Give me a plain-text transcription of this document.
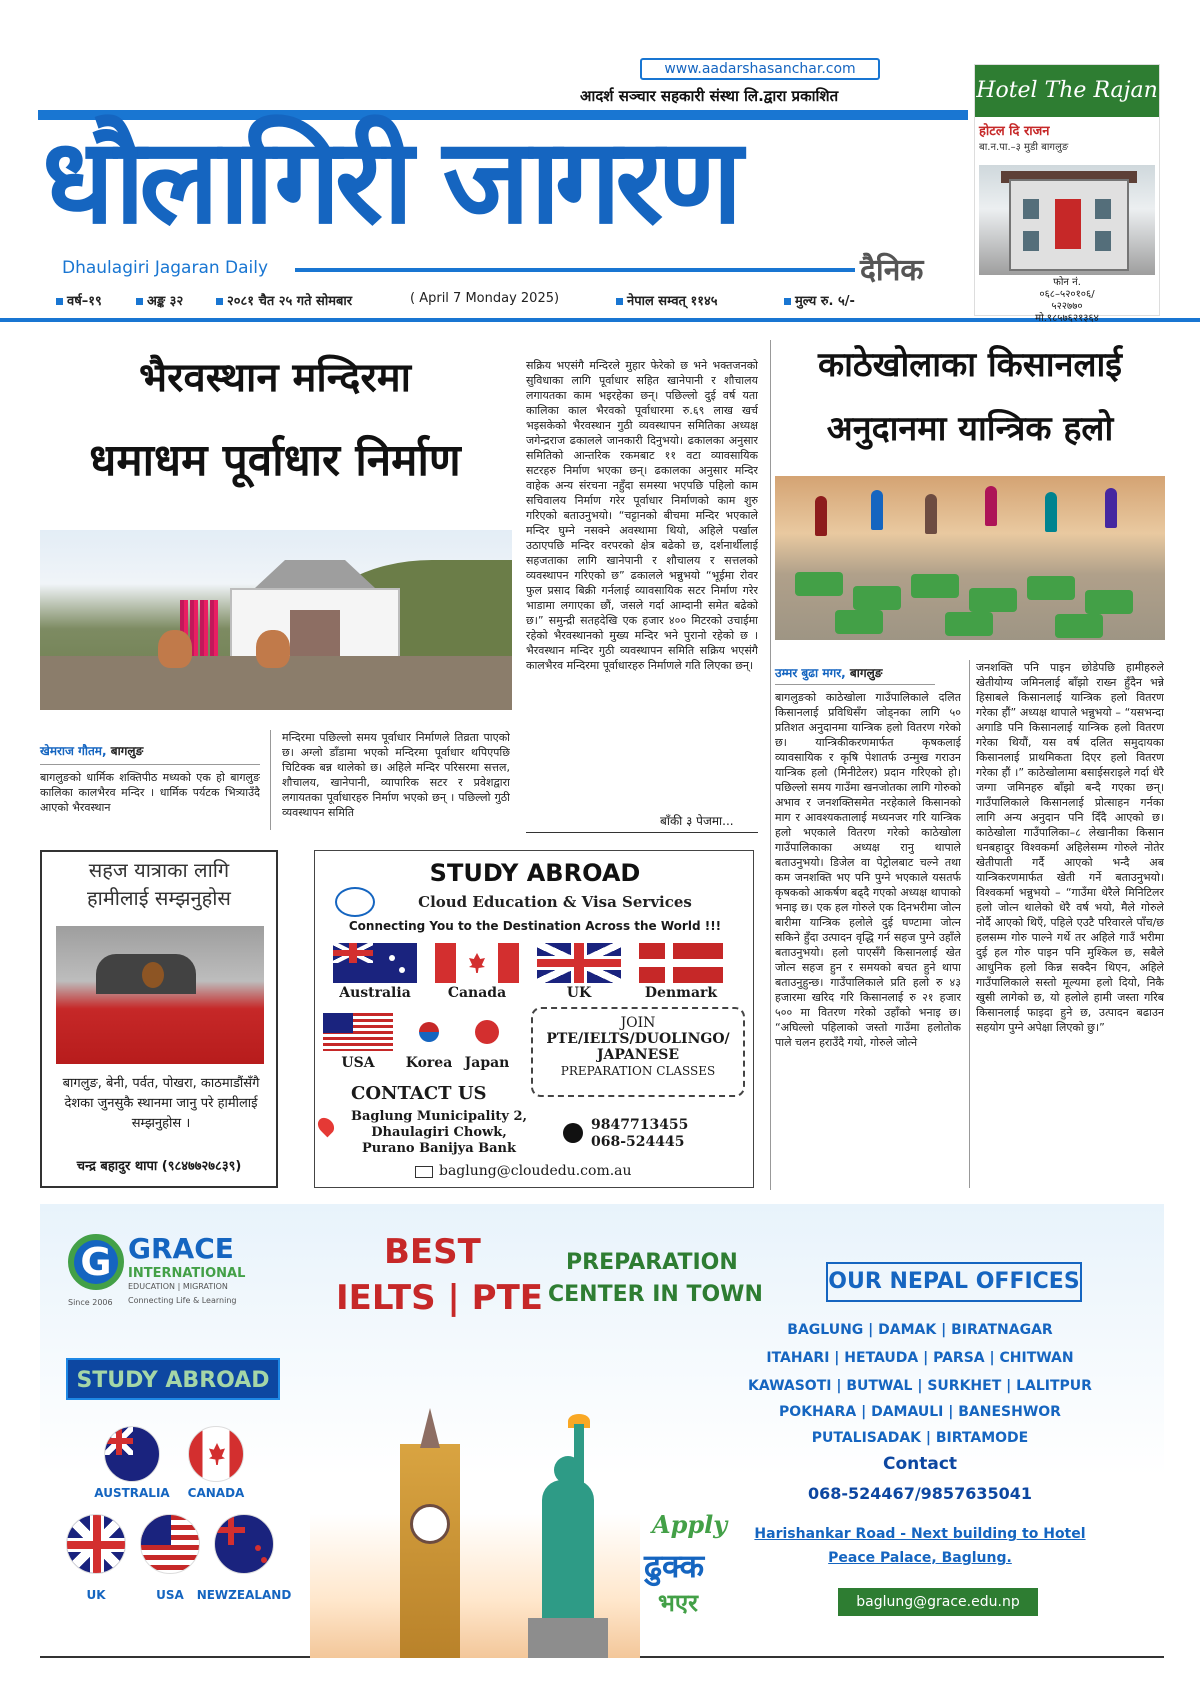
www.aadarshasanchar.com
आदर्श सञ्चार सहकारी संस्था लि.द्वारा प्रकाशित
धौलागिरी जागरण
Dhaulagiri Jagaran Daily	दैनिक
वर्ष–१९	अङ्क ३२	२०८१ चैत २५ गते सोमबार	( April 7 Monday 2025)	नेपाल सम्वत् ११४५	मुल्य रु. ५/-
Hotel The Rajan
होटल दि राजन
बा.न.पा.–३ मुडी बागलुङ
फोन नं.
०६८–५२०१०६/
५२२७७०
मो.९८५७६२१३६४
भैरवस्थान मन्दिरमा
धमाधम पूर्वाधार निर्माण
खेमराज गौतम, बागलुङ
बागलुङको धार्मिक शक्तिपीठ मध्यको एक हो बागलुङ कालिका कालभैरव मन्दिर । धार्मिक पर्यटक भित्र्याउँदै आएको भैरवस्थान
मन्दिरमा पछिल्लो समय पूर्वाधार निर्माणले तिव्रता पाएको छ। अग्लो डाँडामा भएको मन्दिरमा पूर्वाधार थपिएपछि चिटिक्क बन्न थालेको छ। अहिले मन्दिर परिसरमा सत्तल, शौचालय, खानेपानी, व्यापारिक सटर र प्रवेशद्वारा लगायतका पूर्वाधारहरु निर्माण भएको छन् । पछिल्लो गुठी व्यवस्थापन समिति
सक्रिय भएसंगै मन्दिरले मुहार फेरेको छ भने भक्तजनको सुविधाका लागि पूर्वाधार सहित खानेपानी र शौचालय लगायतका काम भइरहेका छन्। पछिल्लो दुई वर्ष यता कालिका काल भैरवको पूर्वाधारमा रु.६९ लाख खर्च भइसकेको भैरवस्थान गुठी व्यवस्थापन समितिका अध्यक्ष जगेन्द्रराज ढकालले जानकारी दिनुभयो। ढकालका अनुसार समितिको आन्तरिक रकमबाट ११ वटा व्यावसायिक सटरहरु निर्माण भएका छन्। ढकालका अनुसार मन्दिर वाहेक अन्य संरचना नहुँदा समस्या भएपछि पहिलो काम सचिवालय निर्माण गरेर पूर्वाधार निर्माणको काम शुरु गरिएको बताउनुभयो। “चट्टानको बीचमा मन्दिर भएकाले मन्दिर घुम्ने नसक्ने अवस्थामा थियो, अहिले पर्खाल उठाएपछि मन्दिर वरपरको क्षेत्र बढेको छ, दर्शनार्थीलाई सहजताका लागि खानेपानी र शौचालय र सत्तलको व्यवस्थापन गरिएको छ” ढकालले भन्नुभयो “भूईमा रोवर फुल प्रसाद बिक्री गर्नलाई व्यावसायिक सटर निर्माण गरेर भाडामा लगाएका छौं, जसले गर्दा आम्दानी समेत बढेको छ।” समुन्द्री सतहदेखि एक हजार ४०० मिटरको उचाईमा रहेको भैरवस्थानको मुख्य मन्दिर भने पुरानो रहेको छ । भैरवस्थान मन्दिर गुठी व्यवस्थापन समिति सक्रिय भएसंगै कालभैरव मन्दिरमा पूर्वाधारहरु निर्माणले गति लिएका छन्।
बाँकी ३ पेजमा...
काठेखोलाका किसानलाई
अनुदानमा यान्त्रिक हलो
उम्मर बुढा मगर, बागलुङ
बागलुङको काठेखोला गाउँपालिकाले दलित किसानलाई प्रविधिसँग जोड्नका लागि ५० प्रतिशत अनुदानमा यान्त्रिक हलो वितरण गरेको छ। यान्त्रिकीकरणमार्फत कृषकलाई व्यावसायिक र कृषि पेशातर्फ उन्मुख गराउन यान्त्रिक हलो (मिनीटेलर) प्रदान गरिएको हो। पछिल्लो समय गाउँमा खनजोतका लागि गोरुको अभाव र जनशक्तिसमेत नरहेकाले किसानको माग र आवश्यकतालाई मध्यनजर गरि यान्त्रिक हलो भएकाले वितरण गरेको काठेखोला गाउँपालिकाका अध्यक्ष रानु थापाले बताउनुभयो। डिजेल वा पेट्रोलबाट चल्ने तथा कम जनशक्ति भए पनि पुग्ने भएकाले यसतर्फ कृषकको आकर्षण बढ्दै गएको अध्यक्ष थापाको भनाइ छ। एक हल गोरुले एक दिनभरीमा जोत्न बारीमा यान्त्रिक हलोले दुई घण्टामा जोत्न सकिने हुँदा उत्पादन वृद्धि गर्न सहज पुग्ने उहाँले बताउनुभयो। हलो पाएसँगै किसानलाई खेत जोत्न सहज हुन र समयको बचत हुने थापा बताउनुहुन्छ। गाउँपालिकाले प्रति हलो रु ४३ हजारमा खरिद गरि किसानलाई रु २१ हजार ५०० मा वितरण गरेको उहाँको भनाइ छ। “अघिल्लो पहिलाको जस्तो गाउँमा हलोतोक पाले चलन हराउँदै गयो, गोरुले जोत्ने
जनशक्ति पनि पाइन छोडेपछि हामीहरुले खेतीयोग्य जमिनलाई बाँझो राख्न हुँदैन भन्ने हिसाबले किसानलाई यान्त्रिक हलो वितरण गरेका हौं” अध्यक्ष थापाले भन्नुभयो – “यसभन्दा अगाडि पनि किसानलाई यान्त्रिक हलो वितरण गरेका थियौं, यस वर्ष दलित समुदायका किसानलाई प्राथमिकता दिएर हलो वितरण गरेका हौं ।” काठेखोलामा बसाईसराइले गर्दा धेरै जग्गा जमिनहरु बाँझो बन्दै गएका छन्। गाउँपालिकाले किसानलाई प्रोत्साहन गर्नका लागि अन्य अनुदान पनि दिँदै आएको छ। काठेखोला गाउँपालिका–८ लेखानीका किसान धनबहादुर विश्वकर्मा अहिलेसम्म गोरुले नोतेर खेतीपाती गर्दै आएको भन्दै अब यान्त्रिकरणमार्फत खेती गर्ने बताउनुभयो। विश्वकर्मा भन्नुभयो – “गाउँमा धेरैले मिनिटिलर हलो जोत्न थालेको धेरै वर्ष भयो, मैले गोरुले नोर्दै आएको थिएँ, पहिले एउटै परिवारले पाँच/छ हलसम्म गोरु पाल्ने गर्थे तर अहिले गाउँ भरीमा दुई हल गोरु पाइन पनि मुश्किल छ, सबैले आधुनिक हलो किन्न सक्दैन थिएन, अहिले गाउँपालिकाले सस्तो मूल्यमा हलो दियो, निकै खुसी लागेको छ, यो हलोले हामी जस्ता गरिब किसानलाई फाइदा हुने छ, उत्पादन बढाउन सहयोग पुग्ने अपेक्षा लिएको छु।”
सहज यात्राका लागि
हामीलाई सम्झनुहोस
बागलुङ, बेनी, पर्वत, पोखरा, काठमाडौंसँगै देशका जुनसुकै स्थानमा जानु परे हामीलाई सम्झनुहोस ।
चन्द्र बहादुर थापा (९८४७७२७८३९)
STUDY ABROAD
Cloud Education & Visa Services
Connecting You to the Destination Across the World !!!
Australia	Canada	UK	Denmark
USA	Korea Japan
JOIN
PTE/IELTS/DUOLINGO/
JAPANESE
PREPARATION CLASSES
CONTACT US
Baglung Municipality 2,
Dhaulagiri Chowk,
Purano Banijya Bank
9847713455
068-524445
baglung@cloudedu.com.au
G GRACE
INTERNATIONAL
EDUCATION | MIGRATION
Since 2006 Connecting Life & Learning
BEST
IELTS | PTE
PREPARATION
CENTER IN TOWN
STUDY ABROAD
AUSTRALIA	CANADA
UK	USA	NEWZEALAND
Apply
ढुक्क
भएर
OUR NEPAL OFFICES
BAGLUNG | DAMAK | BIRATNAGAR
ITAHARI | HETAUDA | PARSA | CHITWAN
KAWASOTI | BUTWAL | SURKHET | LALITPUR
POKHARA | DAMAULI | BANESHWOR
PUTALISADAK | BIRTAMODE
Contact
068-524467/9857635041
Harishankar Road - Next building to Hotel
Peace Palace, Baglung.
baglung@grace.edu.np
